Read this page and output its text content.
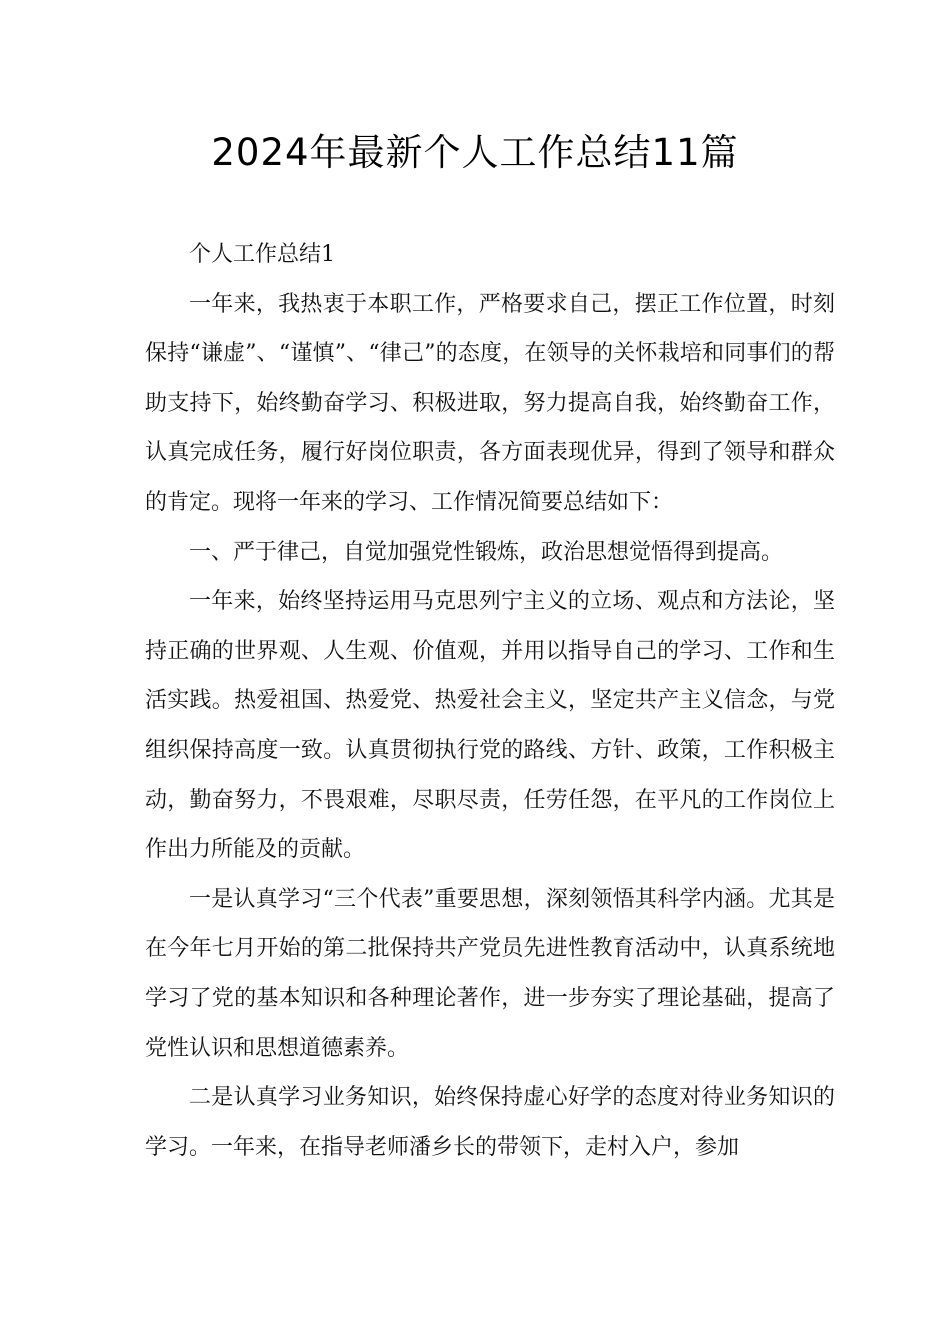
2024年最新个人工作总结11篇

个人工作总结1

一年来，我热衷于本职工作，严格要求自己，摆正工作位置，时刻保持“谦虚”、“谨慎”、“律己”的态度，在领导的关怀栽培和同事们的帮助支持下，始终勤奋学习、积极进取，努力提高自我，始终勤奋工作，认真完成任务，履行好岗位职责，各方面表现优异，得到了领导和群众的肯定。现将一年来的学习、工作情况简要总结如下：

一、严于律己，自觉加强党性锻炼，政治思想觉悟得到提高。

一年来，始终坚持运用马克思列宁主义的立场、观点和方法论，坚持正确的世界观、人生观、价值观，并用以指导自己的学习、工作和生活实践。热爱祖国、热爱党、热爱社会主义，坚定共产主义信念，与党组织保持高度一致。认真贯彻执行党的路线、方针、政策，工作积极主动，勤奋努力，不畏艰难，尽职尽责，任劳任怨，在平凡的工作岗位上作出力所能及的贡献。

一是认真学习“三个代表”重要思想，深刻领悟其科学内涵。尤其是在今年七月开始的第二批保持共产党员先进性教育活动中，认真系统地学习了党的基本知识和各种理论著作，进一步夯实了理论基础，提高了党性认识和思想道德素养。

二是认真学习业务知识，始终保持虚心好学的态度对待业务知识的学习。一年来，在指导老师潘乡长的带领下，走村入户，参加
